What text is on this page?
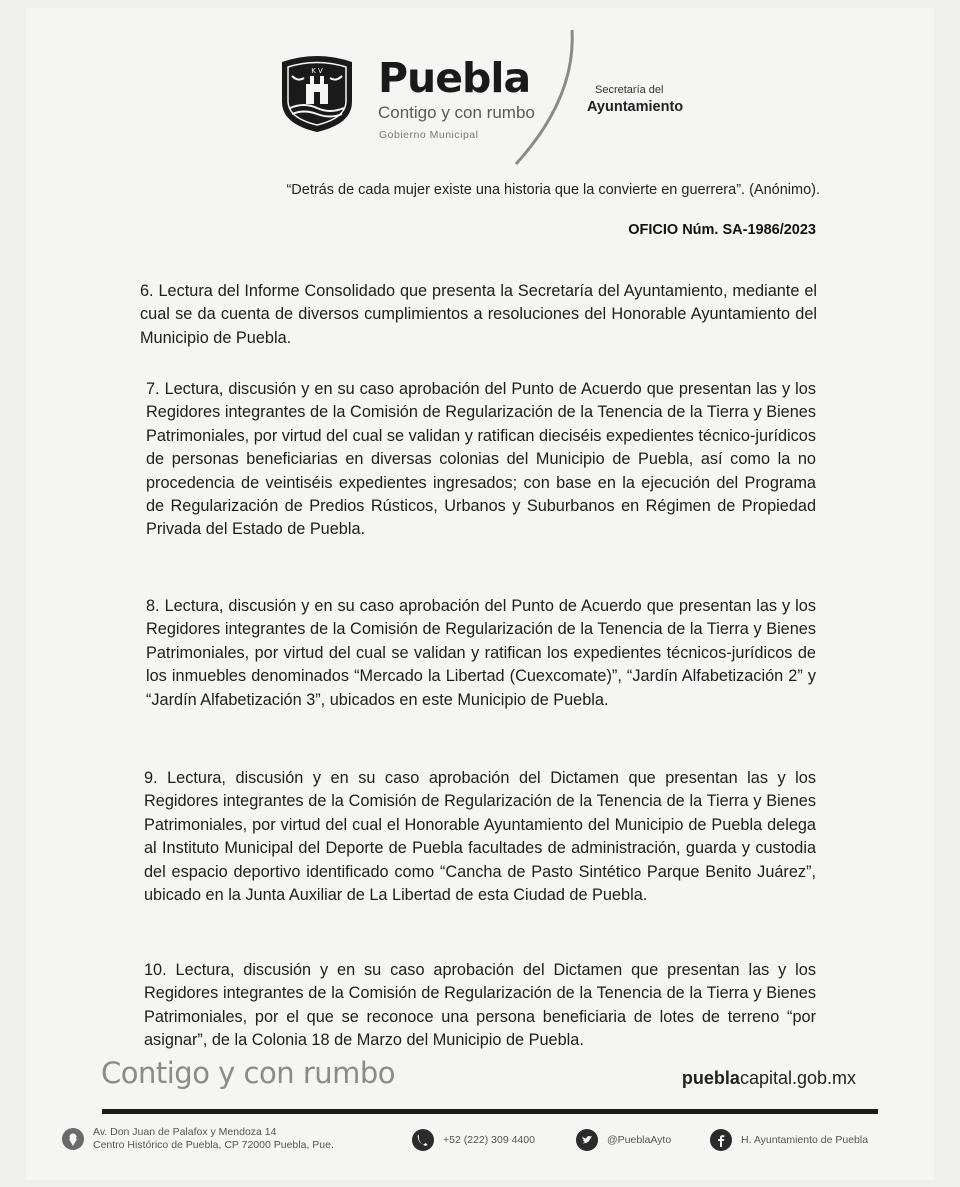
K V Puebla
Contigo y con rumbo
Gobierno Municipal
Secretaría del
Ayuntamiento
“Detrás de cada mujer existe una historia que la convierte en guerrera”. (Anónimo).
OFICIO Núm. SA-1986/2023

6. Lectura del Informe Consolidado que presenta la Secretaría del Ayuntamiento, mediante el cual se da cuenta de diversos cumplimientos a resoluciones del Honorable Ayuntamiento del Municipio de Puebla.

7. Lectura, discusión y en su caso aprobación del Punto de Acuerdo que presentan las y los Regidores integrantes de la Comisión de Regularización de la Tenencia de la Tierra y Bienes Patrimoniales, por virtud del cual se validan y ratifican dieciséis expedientes técnico-jurídicos de personas beneficiarias en diversas colonias del Municipio de Puebla, así como la no procedencia de veintiséis expedientes ingresados; con base en la ejecución del Programa de Regularización de Predios Rústicos, Urbanos y Suburbanos en Régimen de Propiedad Privada del Estado de Puebla.

8. Lectura, discusión y en su caso aprobación del Punto de Acuerdo que presentan las y los Regidores integrantes de la Comisión de Regularización de la Tenencia de la Tierra y Bienes Patrimoniales, por virtud del cual se validan y ratifican los expedientes técnicos-jurídicos de los inmuebles denominados “Mercado la Libertad (Cuexcomate)”, “Jardín Alfabetización 2” y “Jardín Alfabetización 3”, ubicados en este Municipio de Puebla.

9. Lectura, discusión y en su caso aprobación del Dictamen que presentan las y los Regidores integrantes de la Comisión de Regularización de la Tenencia de la Tierra y Bienes Patrimoniales, por virtud del cual el Honorable Ayuntamiento del Municipio de Puebla delega al Instituto Municipal del Deporte de Puebla facultades de administración, guarda y custodia del espacio deportivo identificado como “Cancha de Pasto Sintético Parque Benito Juárez”, ubicado en la Junta Auxiliar de La Libertad de esta Ciudad de Puebla.

10. Lectura, discusión y en su caso aprobación del Dictamen que presentan las y los Regidores integrantes de la Comisión de Regularización de la Tenencia de la Tierra y Bienes Patrimoniales, por el que se reconoce una persona beneficiaria de lotes de terreno “por asignar”, de la Colonia 18 de Marzo del Municipio de Puebla.

Contigo y con rumbo	pueblacapital.gob.mx
Av. Don Juan de Palafox y Mendoza 14
Centro Histórico de Puebla, CP 72000 Puebla, Pue.	+52 (222) 309 4400	@PueblaAyto	H. Ayuntamiento de Puebla
